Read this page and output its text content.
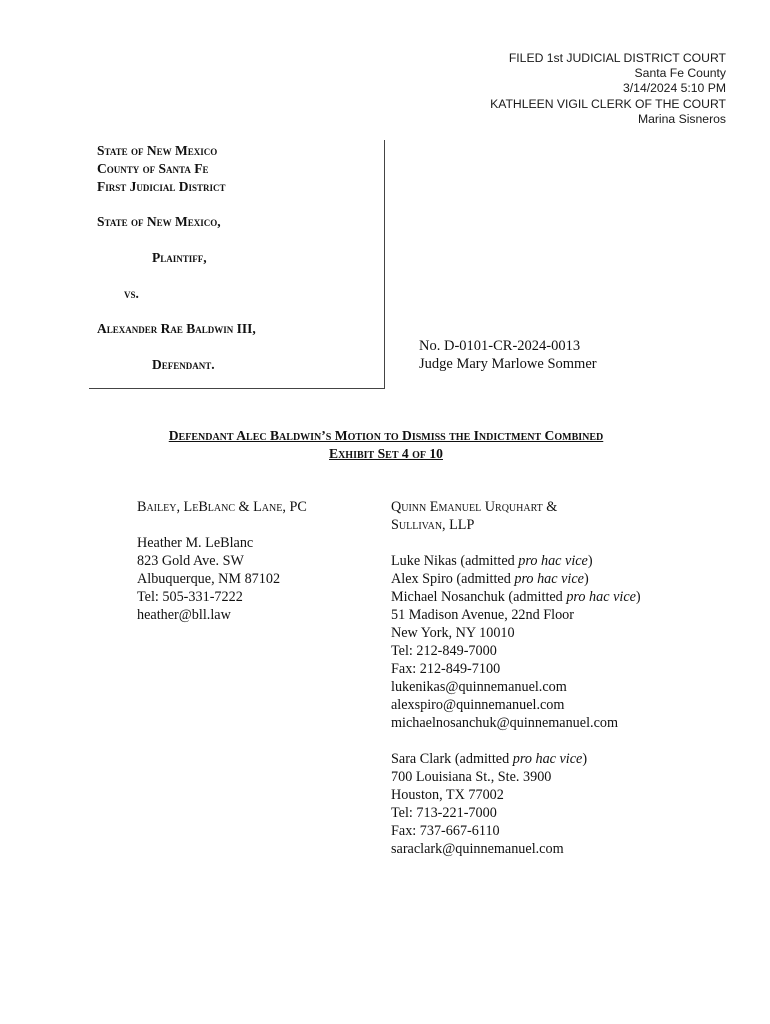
FILED 1st JUDICIAL DISTRICT COURT
Santa Fe County
3/14/2024 5:10 PM
KATHLEEN VIGIL CLERK OF THE COURT
Marina Sisneros
State of New Mexico
County of Santa Fe
First Judicial District
State of New Mexico,
Plaintiff,
vs.
Alexander Rae Baldwin III,
Defendant.
No. D-0101-CR-2024-0013
Judge Mary Marlowe Sommer
Defendant Alec Baldwin’s Motion to Dismiss the Indictment Combined
Exhibit Set 4 of 10
Bailey, LeBlanc & Lane, PC
Heather M. LeBlanc
823 Gold Ave. SW
Albuquerque, NM 87102
Tel: 505-331-7222
heather@bll.law
Quinn Emanuel Urquhart &
Sullivan, LLP
Luke Nikas (admitted pro hac vice)
Alex Spiro (admitted pro hac vice)
Michael Nosanchuk (admitted pro hac vice)
51 Madison Avenue, 22nd Floor
New York, NY 10010
Tel: 212-849-7000
Fax: 212-849-7100
lukenikas@quinnemanuel.com
alexspiro@quinnemanuel.com
michaelnosanchuk@quinnemanuel.com
Sara Clark (admitted pro hac vice)
700 Louisiana St., Ste. 3900
Houston, TX 77002
Tel: 713-221-7000
Fax: 737-667-6110
saraclark@quinnemanuel.com
